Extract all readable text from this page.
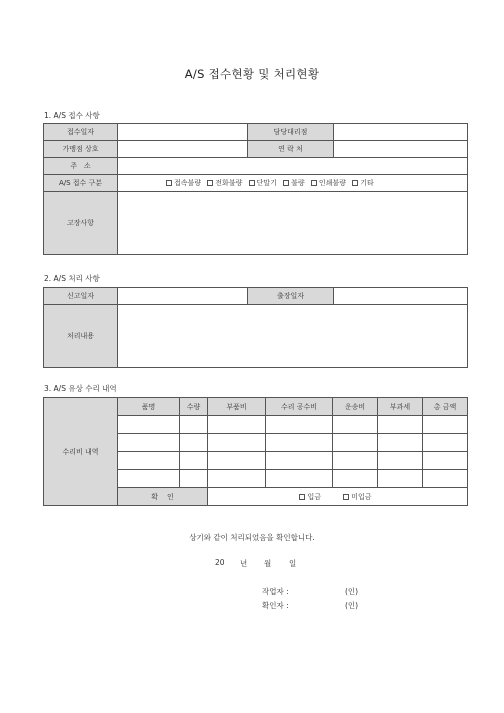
A/S 접수현황 및 처리현황
1. A/S 접수 사항
접수일자		담당대리점	
가맹점 상호		연 락 처	
주   소			
A/S 접수 구분	접속불량 전화불량 단말기 불량 인쇄불량 기타		
고장사항			
2. A/S 처리 사항
신고일자		출장일자	
처리내용			
3. A/S 유상 수리 내역
수리비 내역	품명	수량	부품비	수리 공수비	운송비	부과세	총 금액

	확    인		입금 미입금				
상기와 같이 처리되었음을 확인합니다.
20 년 월 일
작업자 :	(인)
확인자 :	(인)
